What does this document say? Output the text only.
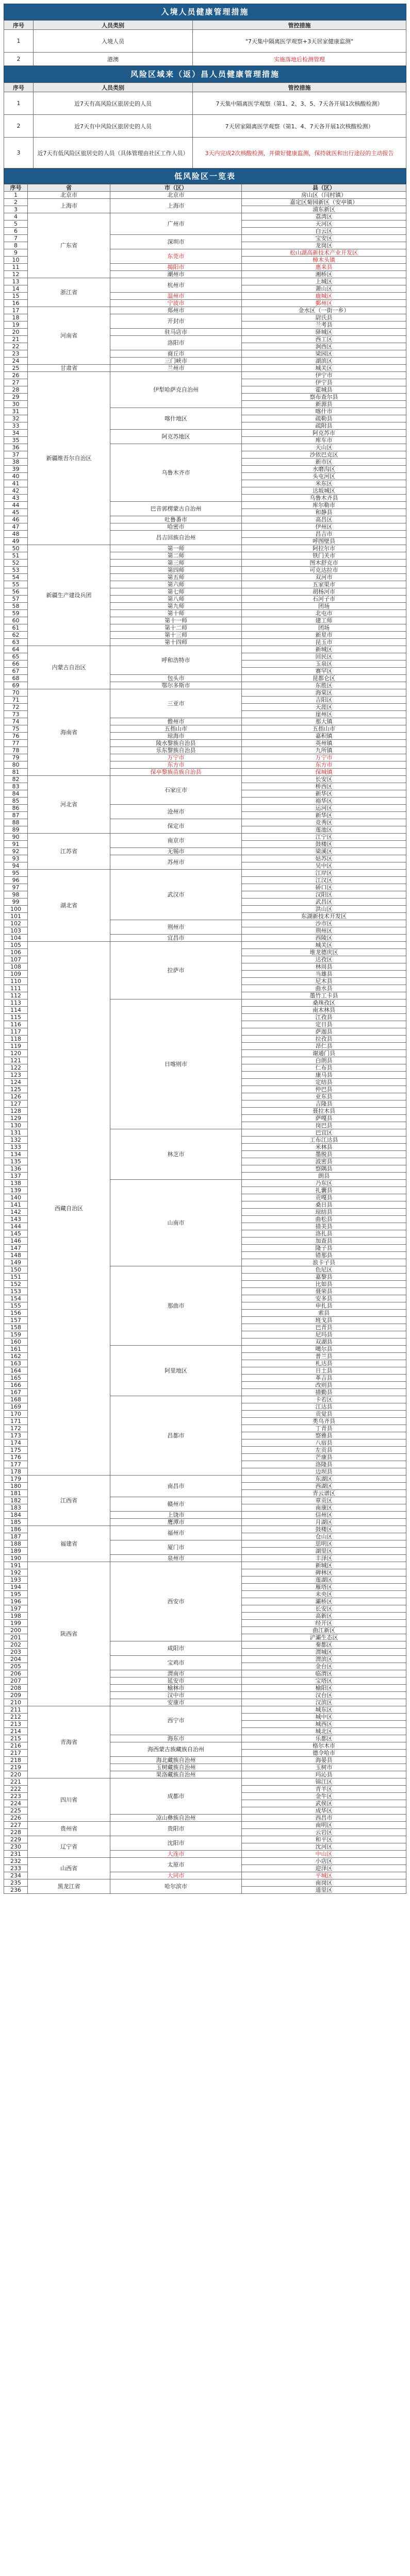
入境人员健康管理措施
序号	人员类别	管控措施
1	入境人员	"7天集中隔离医学观察+3天居家健康监测"
2	港澳	实施落地后检测管理
风险区域来（返）昌人员健康管理措施
序号	人员类别	管控措施
1	近7天有高风险区旅居史的人员	7天集中隔离医学观察（第1、2、3、5、7天各开展1次核酸检测）
2	近7天有中风险区旅居史的人员	7天居家隔离医学观察（第1、4、7天各开展1次核酸检测）
3	近7天有低风险区旅居史的人员（具体管理由社区工作人员）	3天内完成2次核酸检测，并做好健康监测，保持就医和出行途径的主动报告
低风险区一览表
序号	省	市（区）	县（区）
1	北京市	北京市	房山区（闫村镇）
2	上海市	上海市	嘉定区菊园新区（安亭镇）
3			浦东新区
4	广东省	广州市	荔湾区
5			天河区
6			白云区
7		深圳市	宝安区
8			龙岗区
9		东莞市	松山湖高新技术产业开发区
10			樟木头镇
11		揭阳市	惠来县
12		潮州市	湘桥区
13	浙江省	杭州市	上城区
14			萧山区
15		温州市	鹿城区
16		宁波市	鄞州区
17	河南省	郑州市	金水区（一街一乡）
18		开封市	尉氏县
19			兰考县
20		驻马店市	驿城区
21		洛阳市	西工区
22			涧西区
23		商丘市	梁园区
24		三门峡市	湖滨区
25	甘肃省	兰州市	城关区
26	新疆维吾尔自治区	伊犁哈萨克自治州	伊宁市
27			伊宁县
28			霍城县
29			察布查尔县
30			新源县
31		喀什地区	喀什市
32			疏勒县
33			疏附县
34		阿克苏地区	阿克苏市
35			库车市
36		乌鲁木齐市	天山区
37			沙依巴克区
38			新市区
39			水磨沟区
40			头屯河区
41			米东区
42			达坂城区
43			乌鲁木齐县
44		巴音郭楞蒙古自治州	库尔勒市
45			和静县
46		吐鲁番市	高昌区
47		哈密市	伊州区
48		昌吉回族自治州	昌吉市
49			呼图壁县
50	新疆生产建设兵团	第一师	阿拉尔市
51		第二师	铁门关市
52		第三师	图木舒克市
53		第四师	可克达拉市
54		第五师	双河市
55		第六师	五家渠市
56		第七师	胡杨河市
57		第八师	石河子市
58		第九师	团场
59		第十师	北屯市
60		第十一师	建工师
61		第十二师	团场
62		第十三师	新星市
63		第十四师	昆玉市
64	内蒙古自治区	呼和浩特市	新城区
65			回民区
66			玉泉区
67			赛罕区
68		包头市	昆都仑区
69		鄂尔多斯市	东胜区
70	海南省	三亚市	海棠区
71			吉阳区
72			天涯区
73			崖州区
74		儋州市	那大镇
75		五指山市	五指山市
76		琼海市	嘉积镇
77		陵水黎族自治县	英州镇
78		乐东黎族自治县	九所镇
79		万宁市	万宁市
80		东方市	东方市
81		保亭黎族苗族自治县	保城镇
82	河北省	石家庄市	长安区
83			桥西区
84			新华区
85			裕华区
86		沧州市	运河区
87			新华区
88		保定市	竞秀区
89			莲池区
90	江苏省	南京市	江宁区
91			鼓楼区
92		无锡市	梁溪区
93		苏州市	姑苏区
94			吴中区
95	湖北省	武汉市	江岸区
96			江汉区
97			硚口区
98			汉阳区
99			武昌区
100			洪山区
101			东湖新技术开发区
102		荆州市	沙市区
103			荆州区
104		宜昌市	西陵区
105	西藏自治区	拉萨市	城关区
106			堆龙德庆区
107			达孜区
108			林周县
109			当雄县
110			尼木县
111			曲水县
112			墨竹工卡县
113		日喀则市	桑珠孜区
114			南木林县
115			江孜县
116			定日县
117			萨迦县
118			拉孜县
119			昂仁县
120			谢通门县
121			白朗县
122			仁布县
123			康马县
124			定结县
125			仲巴县
126			亚东县
127			吉隆县
128			聂拉木县
129			萨嘎县
130			岗巴县
131		林芝市	巴宜区
132			工布江达县
133			米林县
134			墨脱县
135			波密县
136			察隅县
137			朗县
138		山南市	乃东区
139			扎囊县
140			贡嘎县
141			桑日县
142			琼结县
143			曲松县
144			措美县
145			洛扎县
146			加查县
147			隆子县
148			错那县
149			浪卡子县
150		那曲市	色尼区
151			嘉黎县
152			比如县
153			聂荣县
154			安多县
155			申扎县
156			索县
157			班戈县
158			巴青县
159			尼玛县
160			双湖县
161		阿里地区	噶尔县
162			普兰县
163			札达县
164			日土县
165			革吉县
166			改则县
167			措勤县
168		昌都市	卡若区
169			江达县
170			贡觉县
171			类乌齐县
172			丁青县
173			察雅县
174			八宿县
175			左贡县
176			芒康县
177			洛隆县
178			边坝县
179	江西省	南昌市	东湖区
180			西湖区
181			青云谱区
182		赣州市	章贡区
183			南康区
184		上饶市	信州区
185		鹰潭市	月湖区
186	福建省	福州市	鼓楼区
187			仓山区
188		厦门市	思明区
189			湖里区
190		泉州市	丰泽区
191	陕西省	西安市	新城区
192			碑林区
193			莲湖区
194			雁塔区
195			未央区
196			灞桥区
197			长安区
198			高新区
199			经开区
200			曲江新区
201			浐灞生态区
202		咸阳市	秦都区
203			渭城区
204		宝鸡市	渭滨区
205			金台区
206		渭南市	临渭区
207		延安市	宝塔区
208		榆林市	榆阳区
209		汉中市	汉台区
210		安康市	汉滨区
211	青海省	西宁市	城东区
212			城中区
213			城西区
214			城北区
215		海东市	乐都区
216		海西蒙古族藏族自治州	格尔木市
217			德令哈市
218		海北藏族自治州	海晏县
219		玉树藏族自治州	玉树市
220		果洛藏族自治州	玛沁县
221	四川省	成都市	锦江区
222			青羊区
223			金牛区
224			武侯区
225			成华区
226		凉山彝族自治州	西昌市
227	贵州省	贵阳市	南明区
228			云岩区
229	辽宁省	沈阳市	和平区
230			沈河区
231		大连市	中山区
232	山西省	太原市	小店区
233			迎泽区
234		大同市	平城区
235	黑龙江省	哈尔滨市	南岗区
236			道里区
